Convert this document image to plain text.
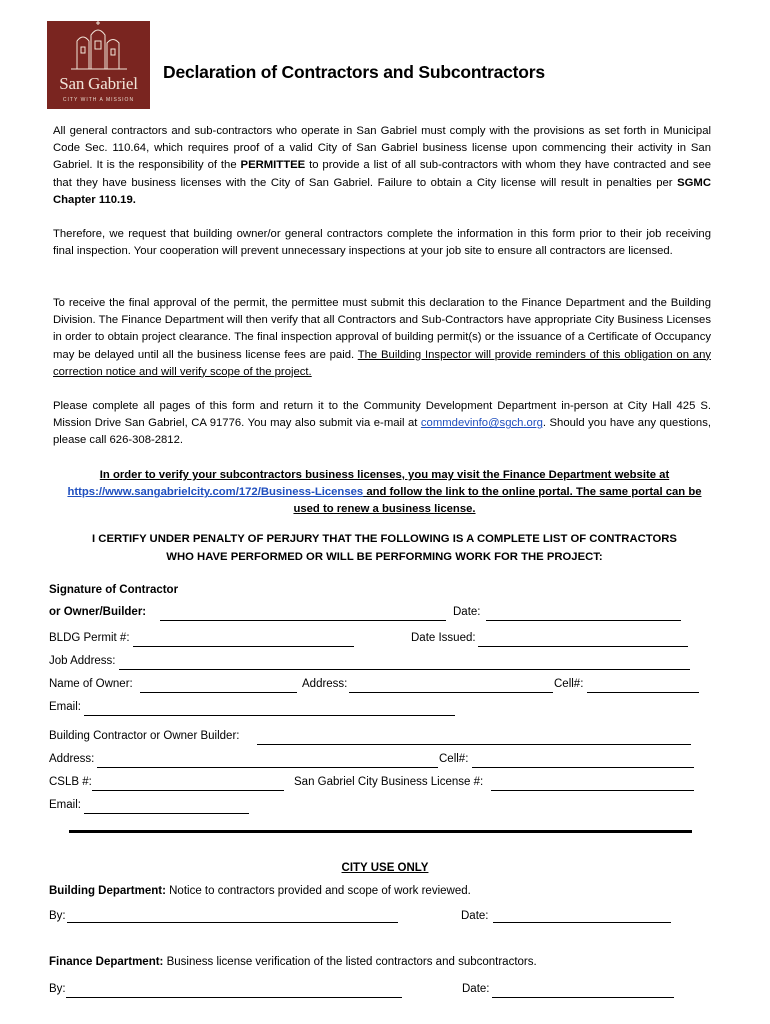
San Gabriel
CITY WITH A MISSION
Declaration of Contractors and Subcontractors
All general contractors and sub-contractors who operate in San Gabriel must comply with the provisions as set forth in Municipal Code Sec. 110.64, which requires proof of a valid City of San Gabriel business license upon commencing their activity in San Gabriel. It is the responsibility of the PERMITTEE to provide a list of all sub-contractors with whom they have contracted and see that they have business licenses with the City of San Gabriel. Failure to obtain a City license will result in penalties per SGMC Chapter 110.19.
Therefore, we request that building owner/or general contractors complete the information in this form prior to their job receiving final inspection. Your cooperation will prevent unnecessary inspections at your job site to ensure all contractors are licensed.
To receive the final approval of the permit, the permittee must submit this declaration to the Finance Department and the Building Division. The Finance Department will then verify that all Contractors and Sub-Contractors have appropriate City Business Licenses in order to obtain project clearance. The final inspection approval of building permit(s) or the issuance of a Certificate of Occupancy may be delayed until all the business license fees are paid. The Building Inspector will provide reminders of this obligation on any correction notice and will verify scope of the project.
Please complete all pages of this form and return it to the Community Development Department in-person at City Hall 425 S. Mission Drive San Gabriel, CA 91776. You may also submit via e-mail at commdevinfo@sgch.org. Should you have any questions, please call 626-308-2812.
In order to verify your subcontractors business licenses, you may visit the Finance Department website at
https://www.sangabrielcity.com/172/Business-Licenses and follow the link to the online portal. The same portal can be used to renew a business license.
I CERTIFY UNDER PENALTY OF PERJURY THAT THE FOLLOWING IS A COMPLETE LIST OF CONTRACTORS
WHO HAVE PERFORMED OR WILL BE PERFORMING WORK FOR THE PROJECT:
Signature of Contractor
or Owner/Builder:	Date:
BLDG Permit #:	Date Issued:
Job Address:
Name of Owner:	Address:	Cell#:
Email:
Building Contractor or Owner Builder:
Address:	Cell#:
CSLB #:	San Gabriel City Business License #:
Email:
CITY USE ONLY
Building Department: Notice to contractors provided and scope of work reviewed.
By:	Date:
Finance Department: Business license verification of the listed contractors and subcontractors.
By:	Date:
